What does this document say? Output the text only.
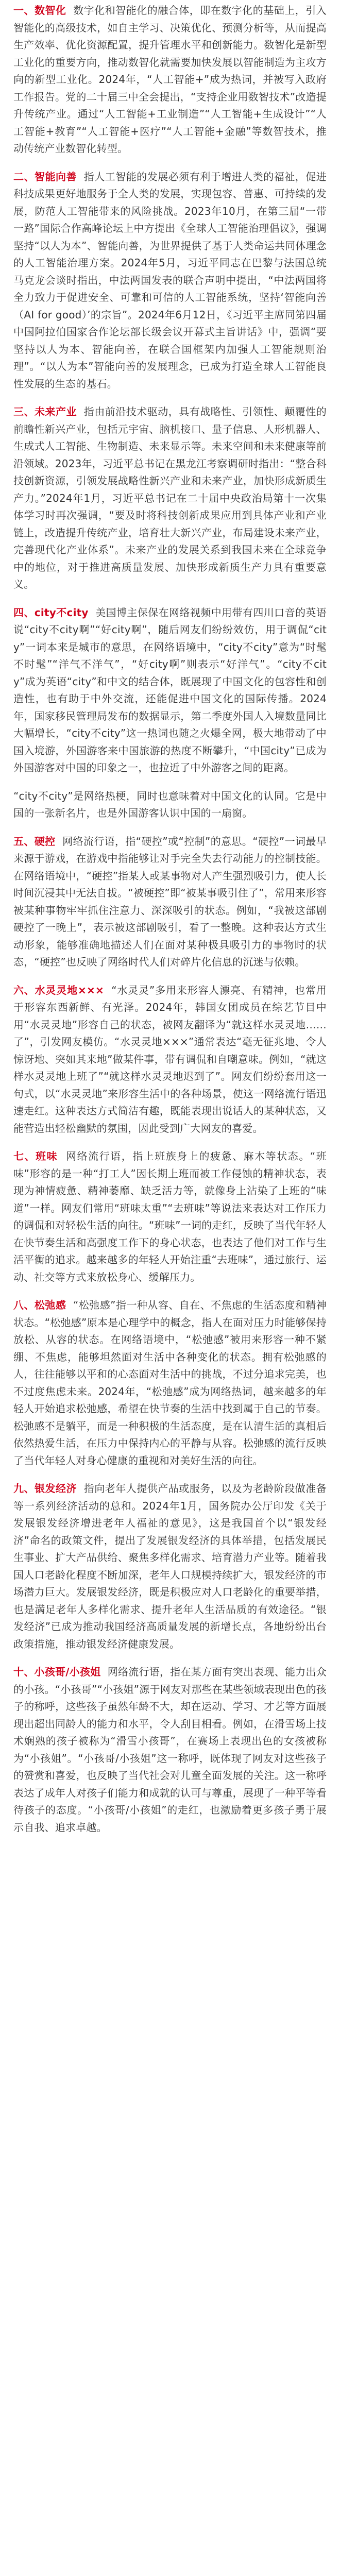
一、数智化 数字化和智能化的融合体，即在数字化的基础上，引入智能化的高级技术，如自主学习、决策优化、预测分析等，从而提高生产效率、优化资源配置，提升管理水平和创新能力。数智化是新型工业化的重要方向，推动数智化就需要加快发展以智能制造为主攻方向的新型工业化。2024年，“人工智能+”成为热词，并被写入政府工作报告。党的二十届三中全会提出，“支持企业用数智技术”改造提升传统产业。通过“人工智能+工业制造”“人工智能+生成设计”“人工智能+教育”“人工智能+医疗”“人工智能+金融”等数智技术，推动传统产业数智化转型。

二、智能向善 指人工智能的发展必须有利于增进人类的福祉，促进科技成果更好地服务于全人类的发展，实现包容、普惠、可持续的发展，防范人工智能带来的风险挑战。2023年10月，在第三届“一带一路”国际合作高峰论坛上中方提出《全球人工智能治理倡议》，强调坚持“以人为本”、智能向善，为世界提供了基于人类命运共同体理念的人工智能治理方案。2024年5月，习近平同志在巴黎与法国总统马克龙会谈时指出，中法两国发表的联合声明中提出，“中法两国将全力致力于促进安全、可靠和可信的人工智能系统，坚持‘智能向善（AI for good）’的宗旨”。2024年6月12日，《习近平主席同第四届中国阿拉伯国家合作论坛部长级会议开幕式主旨讲话》中，强调“要坚持以人为本、智能向善，在联合国框架内加强人工智能规则治理”。“以人为本”智能向善的发展理念，已成为打造全球人工智能良性发展的生态的基石。

三、未来产业 指由前沿技术驱动，具有战略性、引领性、颠覆性的前瞻性新兴产业，包括元宇宙、脑机接口、量子信息、人形机器人、生成式人工智能、生物制造、未来显示等。未来空间和未来健康等前沿领域。2023年，习近平总书记在黑龙江考察调研时指出：“整合科技创新资源，引领发展战略性新兴产业和未来产业，加快形成新质生产力。”2024年1月，习近平总书记在二十届中央政治局第十一次集体学习时再次强调，“要及时将科技创新成果应用到具体产业和产业链上，改造提升传统产业，培育壮大新兴产业，布局建设未来产业，完善现代化产业体系”。未来产业的发展关系到我国未来在全球竞争中的地位，对于推进高质量发展、加快形成新质生产力具有重要意义。

四、city不city 美国博主保保在网络视频中用带有四川口音的英语说“city不city啊”“好city啊”，随后网友们纷纷效仿，用于调侃“city”一词本来是城市的意思，在网络语境中，“city不city”意为“时髦不时髦”“洋气不洋气”，“好city啊”则表示“好洋气”。“city不city”成为英语“city”和中文的结合体，既展现了中国文化的包容性和创造性，也有助于中外交流，还能促进中国文化的国际传播。2024年，国家移民管理局发布的数据显示，第二季度外国人入境数量同比大幅增长，“city不city”这一热词也随之火爆全网，极大地带动了中国入境游，外国游客来中国旅游的热度不断攀升，“中国city”已成为外国游客对中国的印象之一，也拉近了中外游客之间的距离。

“city不city”是网络热梗，同时也意味着对中国文化的认同。它是中国的一张新名片，也是外国游客认识中国的一扇窗。

五、硬控 网络流行语，指“硬控”或“控制”的意思。“硬控”一词最早来源于游戏，在游戏中指能够让对手完全失去行动能力的控制技能。在网络语境中，“硬控”指某人或某事物对人产生强烈吸引力，使人长时间沉浸其中无法自拔。“被硬控”即“被某事吸引住了”，常用来形容被某种事物牢牢抓住注意力、深深吸引的状态。例如，“我被这部剧硬控了一晚上”，表示被这部剧吸引，看了一整晚。这种表达方式生动形象，能够准确地描述人们在面对某种极具吸引力的事物时的状态，“硬控”也反映了网络时代人们对碎片化信息的沉迷与依赖。

六、水灵灵地××× “水灵灵”多用来形容人漂亮、有精神，也常用于形容东西新鲜、有光泽。2024年，韩国女团成员在综艺节目中用“水灵灵地”形容自己的状态，被网友翻译为“就这样水灵灵地……了”，引发网友模仿。“水灵灵地×××”通常表达“毫无征兆地、令人惊讶地、突如其来地”做某件事，带有调侃和自嘲意味。例如，“就这样水灵灵地上班了”“就这样水灵灵地迟到了”。网友们纷纷套用这一句式，以“水灵灵地”来形容生活中的各种场景，使这一网络流行语迅速走红。这种表达方式简洁有趣，既能表现出说话人的某种状态，又能营造出轻松幽默的氛围，因此受到广大网友的喜爱。

七、班味 网络流行语，指上班族身上的疲惫、麻木等状态。“班味”形容的是一种“打工人”因长期上班而被工作侵蚀的精神状态，表现为神情疲惫、精神萎靡、缺乏活力等，就像身上沾染了上班的“味道”一样。网友们常用“班味太重”“去班味”等说法来表达对工作压力的调侃和对轻松生活的向往。“班味”一词的走红，反映了当代年轻人在快节奏生活和高强度工作下的身心状态，也表达了他们对工作与生活平衡的追求。越来越多的年轻人开始注重“去班味”，通过旅行、运动、社交等方式来放松身心、缓解压力。

八、松弛感 “松弛感”指一种从容、自在、不焦虑的生活态度和精神状态。“松弛感”原本是心理学中的概念，指人在面对压力时能够保持放松、从容的状态。在网络语境中，“松弛感”被用来形容一种不紧绷、不焦虑，能够坦然面对生活中各种变化的状态。拥有松弛感的人，往往能够以平和的心态面对生活中的挑战，不过分追求完美，也不过度焦虑未来。2024年，“松弛感”成为网络热词，越来越多的年轻人开始追求松弛感，希望在快节奏的生活中找到属于自己的节奏。松弛感不是躺平，而是一种积极的生活态度，是在认清生活的真相后依然热爱生活，在压力中保持内心的平静与从容。松弛感的流行反映了当代年轻人对身心健康的重视和对美好生活的向往。

九、银发经济 指向老年人提供产品或服务，以及为老龄阶段做准备等一系列经济活动的总和。2024年1月，国务院办公厅印发《关于发展银发经济增进老年人福祉的意见》，这是我国首个以“银发经济”命名的政策文件，提出了发展银发经济的具体举措，包括发展民生事业、扩大产品供给、聚焦多样化需求、培育潜力产业等。随着我国人口老龄化程度不断加深，老年人口规模持续扩大，银发经济的市场潜力巨大。发展银发经济，既是积极应对人口老龄化的重要举措，也是满足老年人多样化需求、提升老年人生活品质的有效途径。“银发经济”已成为推动我国经济高质量发展的新增长点，各地纷纷出台政策措施，推动银发经济健康发展。

十、小孩哥/小孩姐 网络流行语，指在某方面有突出表现、能力出众的小孩。“小孩哥”“小孩姐”源于网友对那些在某些领域表现出色的孩子的称呼，这些孩子虽然年龄不大，却在运动、学习、才艺等方面展现出超出同龄人的能力和水平，令人刮目相看。例如，在滑雪场上技术娴熟的孩子被称为“滑雪小孩哥”，在赛场上表现出色的女孩被称为“小孩姐”。“小孩哥/小孩姐”这一称呼，既体现了网友对这些孩子的赞赏和喜爱，也反映了当代社会对儿童全面发展的关注。这一称呼表达了成年人对孩子们能力和成就的认可与尊重，展现了一种平等看待孩子的态度。“小孩哥/小孩姐”的走红，也激励着更多孩子勇于展示自我、追求卓越。
